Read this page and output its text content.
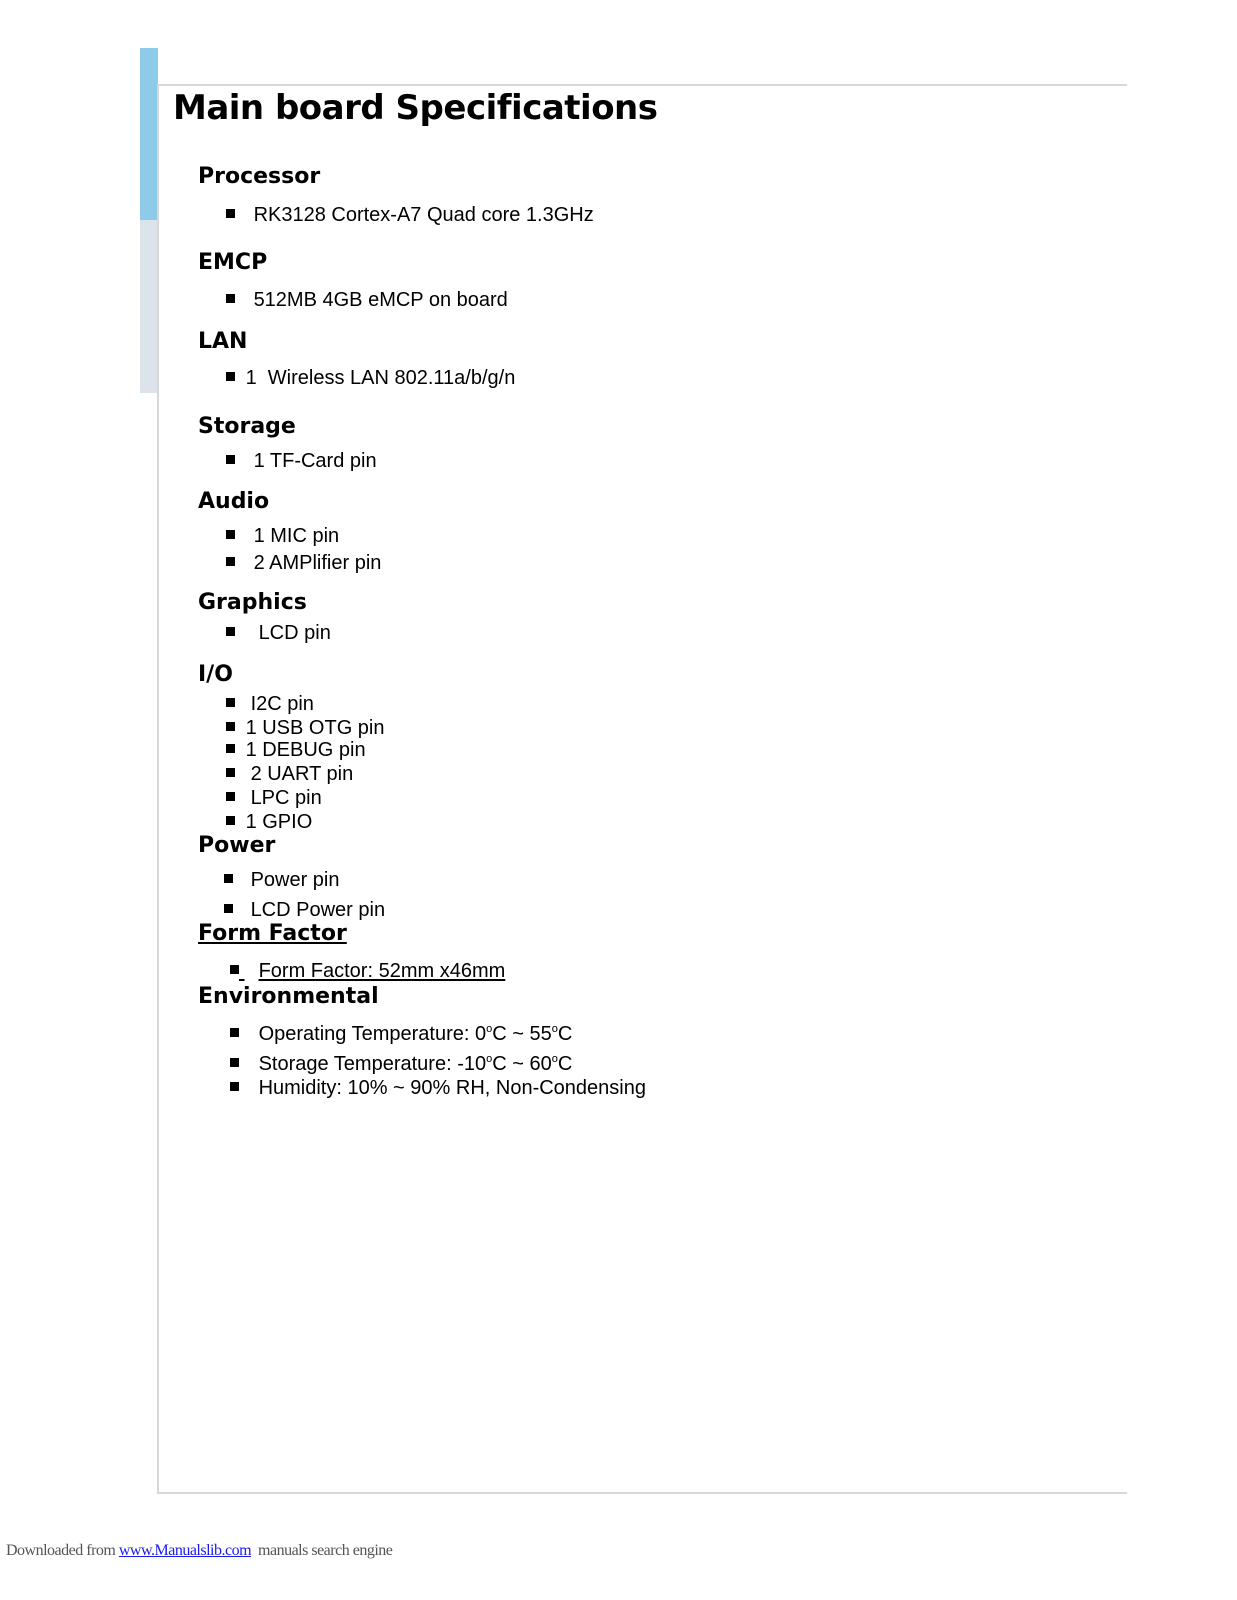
Main board Specifications
Processor
RK3128 Cortex-A7 Quad core 1.3GHz
EMCP
512MB 4GB eMCP on board
LAN
1  Wireless LAN 802.11a/b/g/n
Storage
1 TF-Card pin
Audio
1 MIC pin
2 AMPlifier pin
Graphics
LCD pin
I/O
I2C pin
1 USB OTG pin
1 DEBUG pin
2 UART pin
LPC pin
1 GPIO
Power
Power pin
LCD Power pin
Form Factor
Form Factor: 52mm x46mm
Environmental
Operating Temperature: 0$^o$C ~ 55$^o$C
Storage Temperature: -10$^o$C ~ 60$^o$C
Humidity: 10% ~ 90% RH, Non-Condensing
Downloaded from www.Manualslib.com  manuals search engine
